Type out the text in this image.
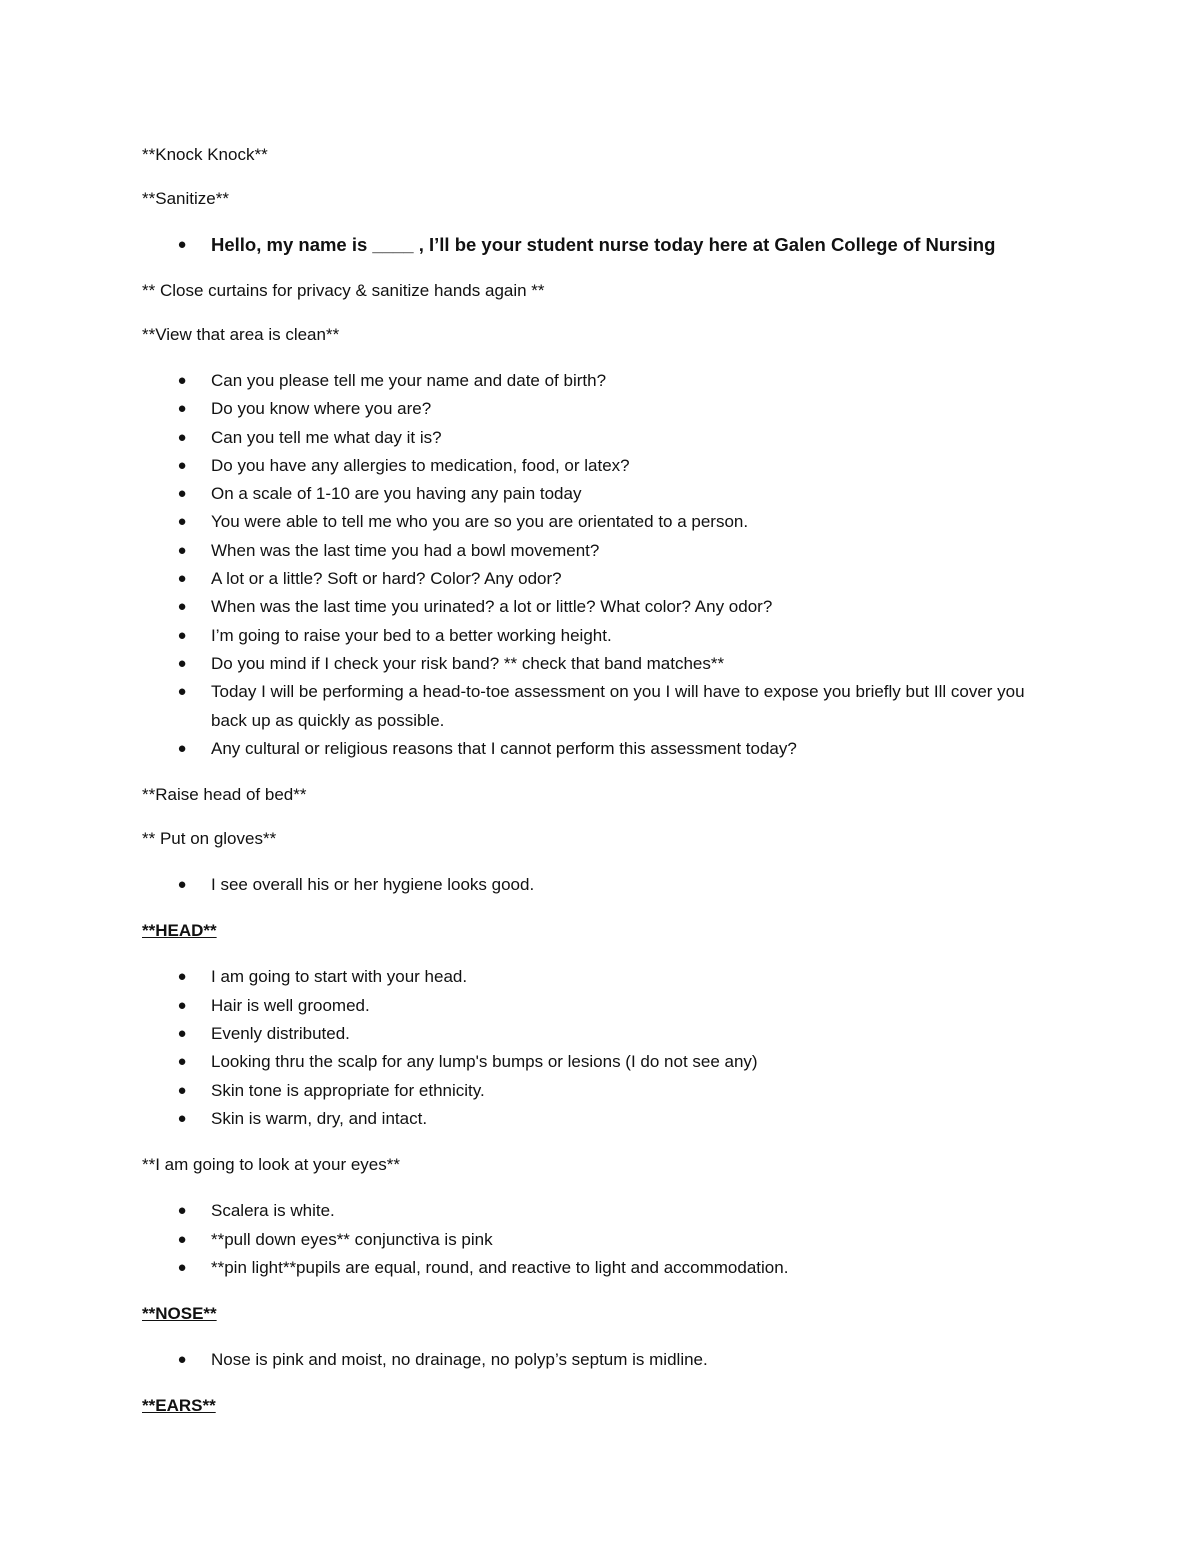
**Knock Knock**

**Sanitize**

● Hello, my name is ____ , I’ll be your student nurse today here at Galen College of Nursing

** Close curtains for privacy & sanitize hands again **

**View that area is clean**

● Can you please tell me your name and date of birth?
● Do you know where you are?
● Can you tell me what day it is?
● Do you have any allergies to medication, food, or latex?
● On a scale of 1-10 are you having any pain today
● You were able to tell me who you are so you are orientated to a person.
● When was the last time you had a bowl movement?
● A lot or a little? Soft or hard? Color? Any odor?
● When was the last time you urinated? a lot or little? What color? Any odor?
● I’m going to raise your bed to a better working height.
● Do you mind if I check your risk band? ** check that band matches**
● Today I will be performing a head-to-toe assessment on you I will have to expose you briefly but Ill cover you back up as quickly as possible.
● Any cultural or religious reasons that I cannot perform this assessment today?

**Raise head of bed**

** Put on gloves**

● I see overall his or her hygiene looks good.

**HEAD**

● I am going to start with your head.
● Hair is well groomed.
● Evenly distributed.
● Looking thru the scalp for any lump's bumps or lesions (I do not see any)
● Skin tone is appropriate for ethnicity.
● Skin is warm, dry, and intact.

**I am going to look at your eyes**

● Scalera is white.
● **pull down eyes** conjunctiva is pink
● **pin light**pupils are equal, round, and reactive to light and accommodation.

**NOSE**

● Nose is pink and moist, no drainage, no polyp’s septum is midline.

**EARS**
